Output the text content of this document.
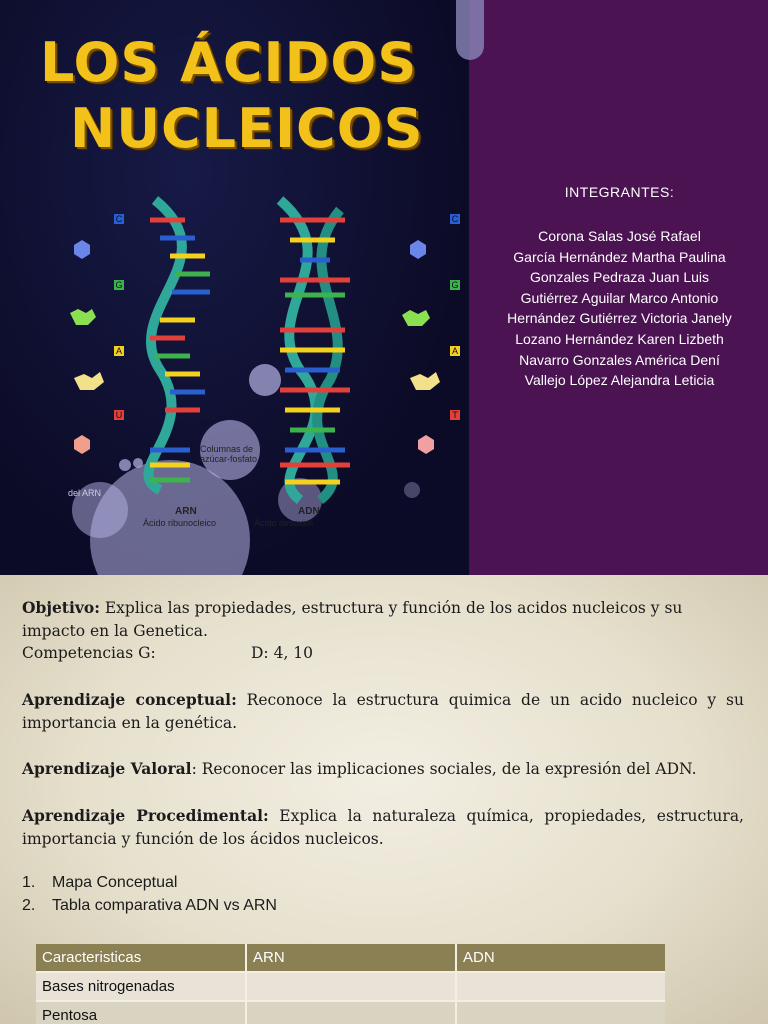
LOS ÁCIDOS
NUCLEICOS
C
G
A
U
C
G
A
T
Columnas de
azúcar-fosfato
del ARN
ARN
Ácido ribunocleico
ADN
Ácido desoxirri
INTEGRANTES:
Corona Salas José Rafael
García Hernández Martha Paulina
Gonzales Pedraza Juan Luis
Gutiérrez Aguilar Marco Antonio
Hernández Gutiérrez Victoria Janely
Lozano Hernández Karen Lizbeth
Navarro Gonzales América Dení
Vallejo López Alejandra Leticia

Objetivo: Explica las propiedades, estructura y función de los acidos nucleicos y su impacto en la Genetica.

Competencias G:	D: 4, 10

Aprendizaje conceptual: Reconoce la estructura quimica de un acido nucleico y su importancia en la genética.

Aprendizaje Valoral: Reconocer las implicaciones sociales, de la expresión del ADN.

Aprendizaje Procedimental: Explica la naturaleza química, propiedades, estructura, importancia y función de los ácidos nucleicos.

1. Mapa Conceptual
2. Tabla comparativa ADN vs ARN
Caracteristicas	ARN	ADN
Bases nitrogenadas		
Pentosa		
